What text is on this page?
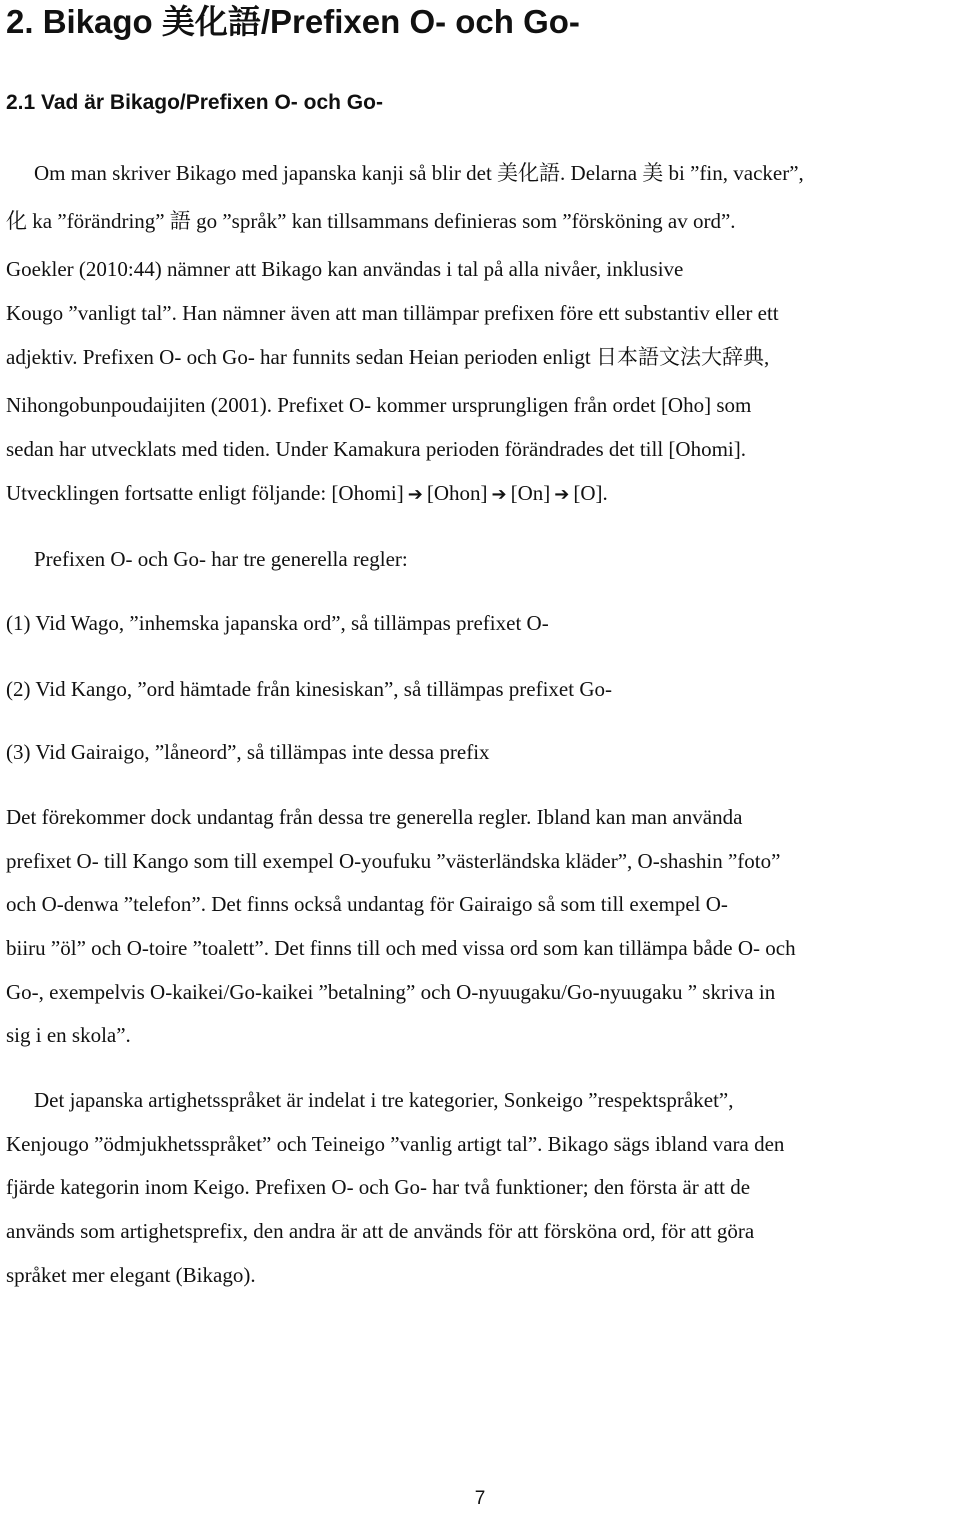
2. Bikago 美化語/Prefixen O- och Go-
2.1 Vad är Bikago/Prefixen O- och Go-
Om man skriver Bikago med japanska kanji så blir det 美化語. Delarna 美 bi ”fin, vacker”,
化 ka ”förändring” 語 go ”språk” kan tillsammans definieras som ”försköning av ord”.
Goekler (2010:44) nämner att Bikago kan användas i tal på alla nivåer, inklusive
Kougo ”vanligt tal”. Han nämner även att man tillämpar prefixen före ett substantiv eller ett
adjektiv. Prefixen O- och Go- har funnits sedan Heian perioden enligt 日本語文法大辞典,
Nihongobunpoudaijiten (2001). Prefixet O- kommer ursprungligen från ordet [Oho] som
sedan har utvecklats med tiden. Under Kamakura perioden förändrades det till [Ohomi].
Utvecklingen fortsatte enligt följande: [Ohomi] ➔ [Ohon] ➔ [On] ➔ [O].
Prefixen O- och Go- har tre generella regler:
(1) Vid Wago, ”inhemska japanska ord”, så tillämpas prefixet O-
(2) Vid Kango, ”ord hämtade från kinesiskan”, så tillämpas prefixet Go-
(3) Vid Gairaigo, ”låneord”, så tillämpas inte dessa prefix
Det förekommer dock undantag från dessa tre generella regler. Ibland kan man använda
prefixet O- till Kango som till exempel O-youfuku ”västerländska kläder”, O-shashin ”foto”
och O-denwa ”telefon”. Det finns också undantag för Gairaigo så som till exempel O-
biiru ”öl” och O-toire ”toalett”. Det finns till och med vissa ord som kan tillämpa både O- och
Go-, exempelvis O-kaikei/Go-kaikei ”betalning” och O-nyuugaku/Go-nyuugaku ” skriva in
sig i en skola”.
Det japanska artighetsspråket är indelat i tre kategorier, Sonkeigo ”respektspråket”,
Kenjougo ”ödmjukhetsspråket” och Teineigo ”vanlig artigt tal”. Bikago sägs ibland vara den
fjärde kategorin inom Keigo. Prefixen O- och Go- har två funktioner; den första är att de
används som artighetsprefix, den andra är att de används för att försköna ord, för att göra
språket mer elegant (Bikago).
7
